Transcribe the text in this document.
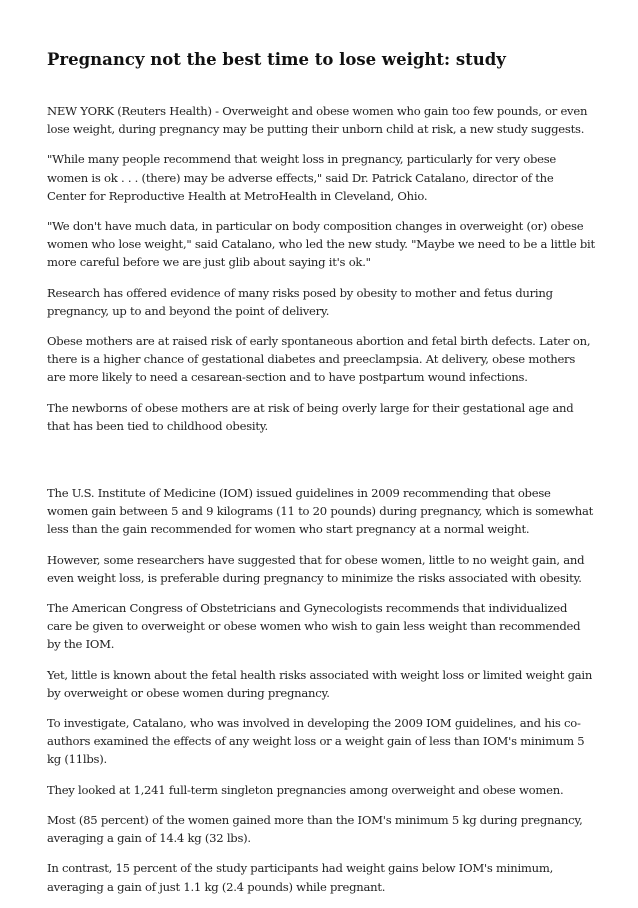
Pregnancy not the best time to lose weight: study

NEW YORK (Reuters Health) - Overweight and obese women who gain too few pounds, or even lose weight, during pregnancy may be putting their unborn child at risk, a new study suggests.

"While many people recommend that weight loss in pregnancy, particularly for very obese women is ok . . . (there) may be adverse effects," said Dr. Patrick Catalano, director of the Center for Reproductive Health at MetroHealth in Cleveland, Ohio.

"We don't have much data, in particular on body composition changes in overweight (or) obese women who lose weight," said Catalano, who led the new study. "Maybe we need to be a little bit more careful before we are just glib about saying it's ok."

Research has offered evidence of many risks posed by obesity to mother and fetus during pregnancy, up to and beyond the point of delivery.

Obese mothers are at raised risk of early spontaneous abortion and fetal birth defects. Later on, there is a higher chance of gestational diabetes and preeclampsia. At delivery, obese mothers are more likely to need a cesarean-section and to have postpartum wound infections.

The newborns of obese mothers are at risk of being overly large for their gestational age and that has been tied to childhood obesity.

The U.S. Institute of Medicine (IOM) issued guidelines in 2009 recommending that obese women gain between 5 and 9 kilograms (11 to 20 pounds) during pregnancy, which is somewhat less than the gain recommended for women who start pregnancy at a normal weight.

However, some researchers have suggested that for obese women, little to no weight gain, and even weight loss, is preferable during pregnancy to minimize the risks associated with obesity.

The American Congress of Obstetricians and Gynecologists recommends that individualized care be given to overweight or obese women who wish to gain less weight than recommended by the IOM.

Yet, little is known about the fetal health risks associated with weight loss or limited weight gain by overweight or obese women during pregnancy.

To investigate, Catalano, who was involved in developing the 2009 IOM guidelines, and his co-authors examined the effects of any weight loss or a weight gain of less than IOM's minimum 5 kg (11lbs).

They looked at 1,241 full-term singleton pregnancies among overweight and obese women.

Most (85 percent) of the women gained more than the IOM's minimum 5 kg during pregnancy, averaging a gain of 14.4 kg (32 lbs).

In contrast, 15 percent of the study participants had weight gains below IOM's minimum, averaging a gain of just 1.1 kg (2.4 pounds) while pregnant.
